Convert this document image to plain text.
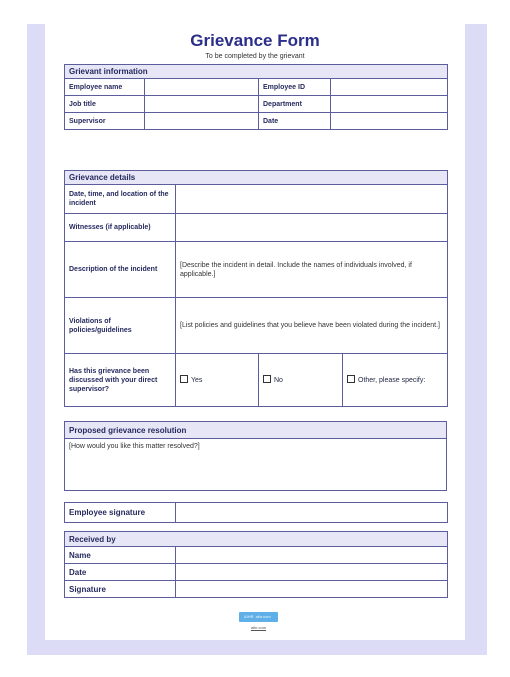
Grievance Form
To be completed by the grievant
Grievant information			
Employee name		Employee ID	
Job title		Department	
Supervisor		Date	
Grievance details			
Date, time, and location of the incident			
Witnesses (if applicable)			
Description of the incident	[Describe the incident in detail. Include the names of individuals involved, if applicable.]		
Violations of policies/guidelines	[List policies and guidelines that you believe have been violated during the incident.]		
Has this grievance been discussed with your direct supervisor?	Yes	No	Other, please specify:
Proposed grievance resolution
[How would you like this matter resolved?]
Employee signature	
Received by	
Name	
Date	
Signature	
AIHR aihr.com
aihr.com
